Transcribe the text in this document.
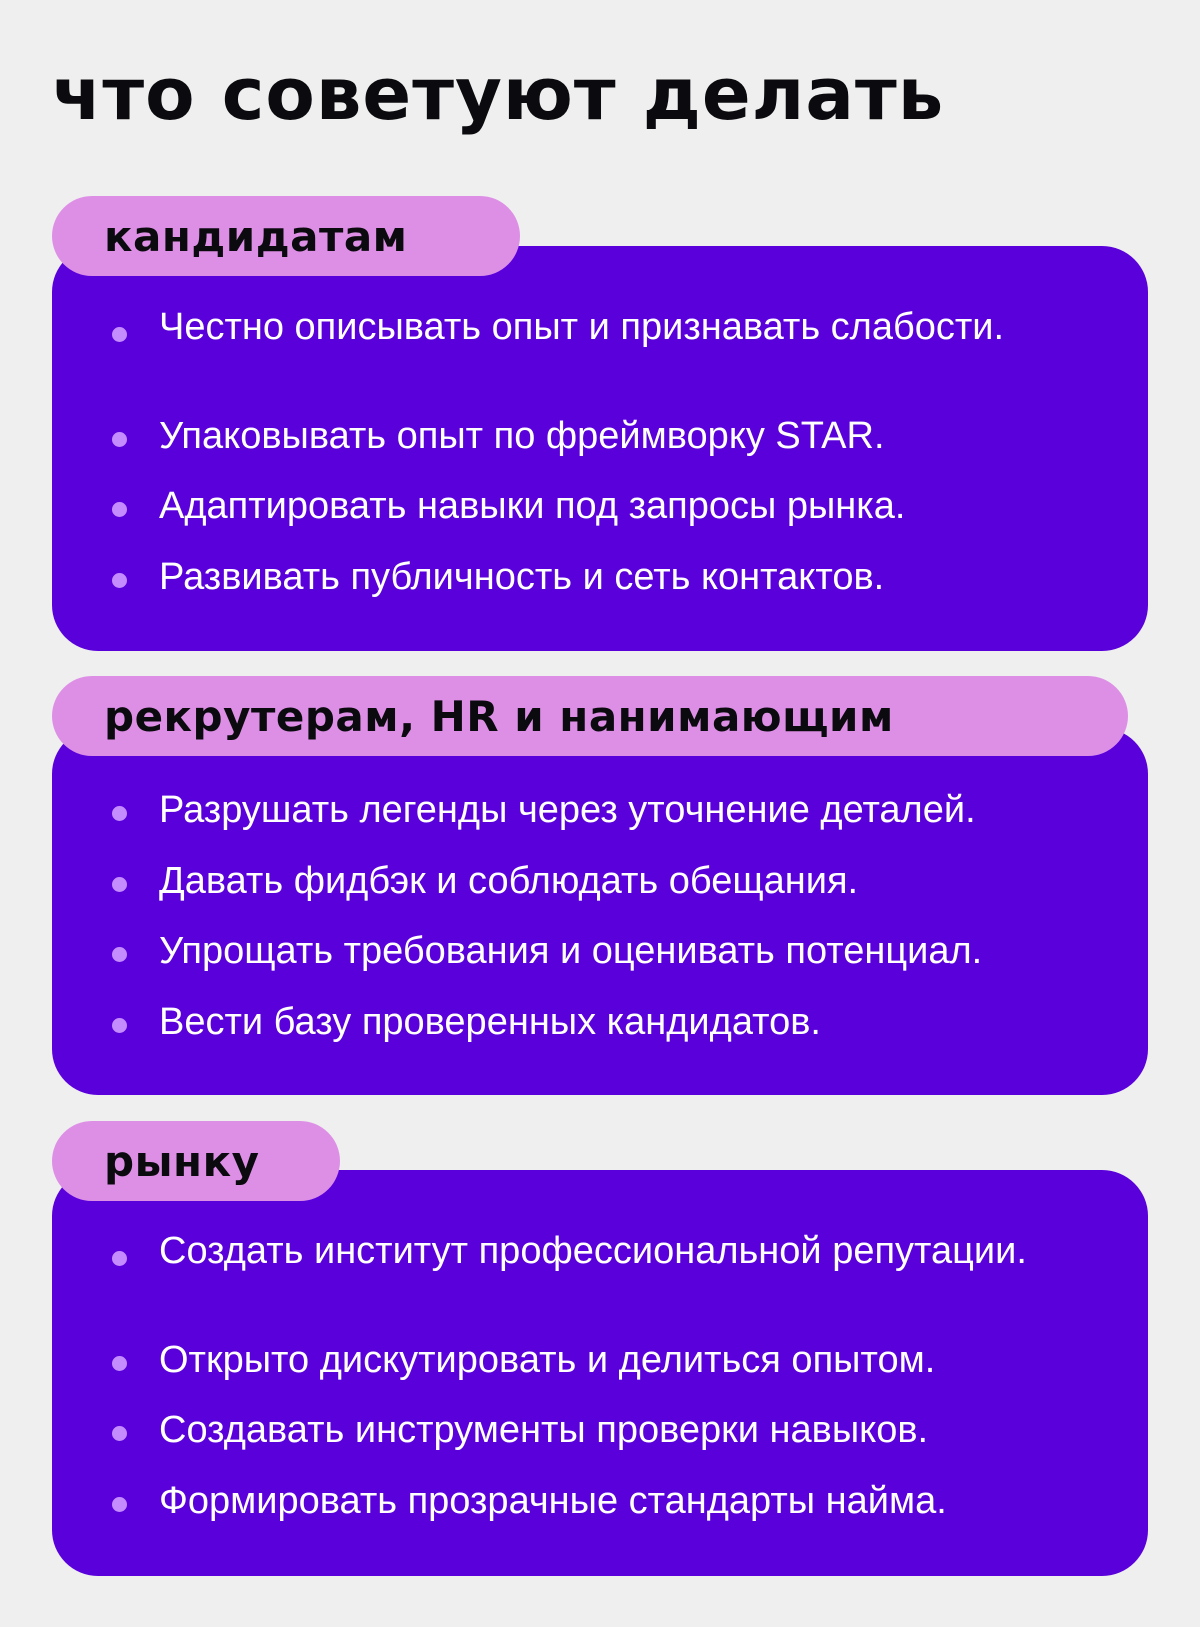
что советуют делать
кандидатам
Честно описывать опыт и признавать слабости.
Упаковывать опыт по фреймворку STAR.
Адаптировать навыки под запросы рынка.
Развивать публичность и сеть контактов.
рекрутерам, HR и нанимающим
Разрушать легенды через уточнение деталей.
Давать фидбэк и соблюдать обещания.
Упрощать требования и оценивать потенциал.
Вести базу проверенных кандидатов.
рынку
Создать институт профессиональной репутации.
Открыто дискутировать и делиться опытом.
Создавать инструменты проверки навыков.
Формировать прозрачные стандарты найма.
